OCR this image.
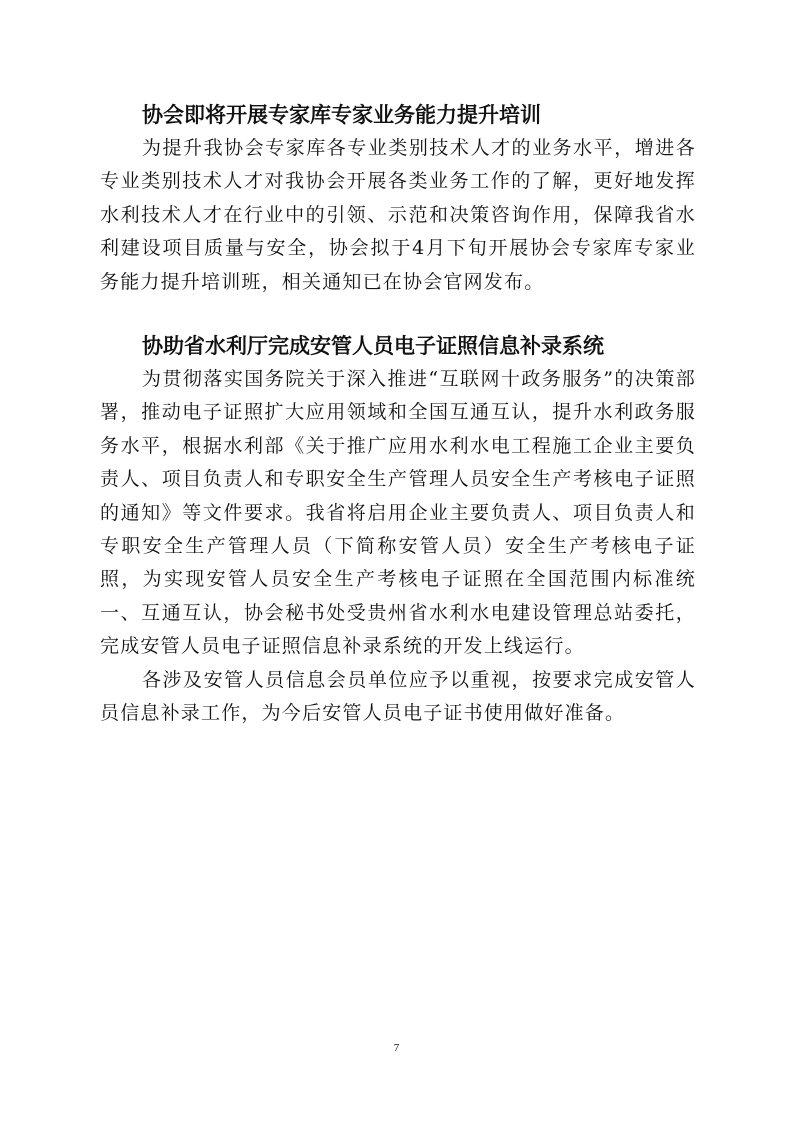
协会即将开展专家库专家业务能力提升培训

为提升我协会专家库各专业类别技术人才的业务水平，增进各专业类别技术人才对我协会开展各类业务工作的了解，更好地发挥水利技术人才在行业中的引领、示范和决策咨询作用，保障我省水利建设项目质量与安全，协会拟于4月下旬开展协会专家库专家业务能力提升培训班，相关通知已在协会官网发布。

协助省水利厅完成安管人员电子证照信息补录系统

为贯彻落实国务院关于深入推进“互联网十政务服务”的决策部署，推动电子证照扩大应用领域和全国互通互认，提升水利政务服务水平，根据水利部《关于推广应用水利水电工程施工企业主要负责人、项目负责人和专职安全生产管理人员安全生产考核电子证照的通知》等文件要求。我省将启用企业主要负责人、项目负责人和专职安全生产管理人员（下简称安管人员）安全生产考核电子证照，为实现安管人员安全生产考核电子证照在全国范围内标准统一、互通互认，协会秘书处受贵州省水利水电建设管理总站委托，完成安管人员电子证照信息补录系统的开发上线运行。

各涉及安管人员信息会员单位应予以重视，按要求完成安管人员信息补录工作，为今后安管人员电子证书使用做好准备。

7
